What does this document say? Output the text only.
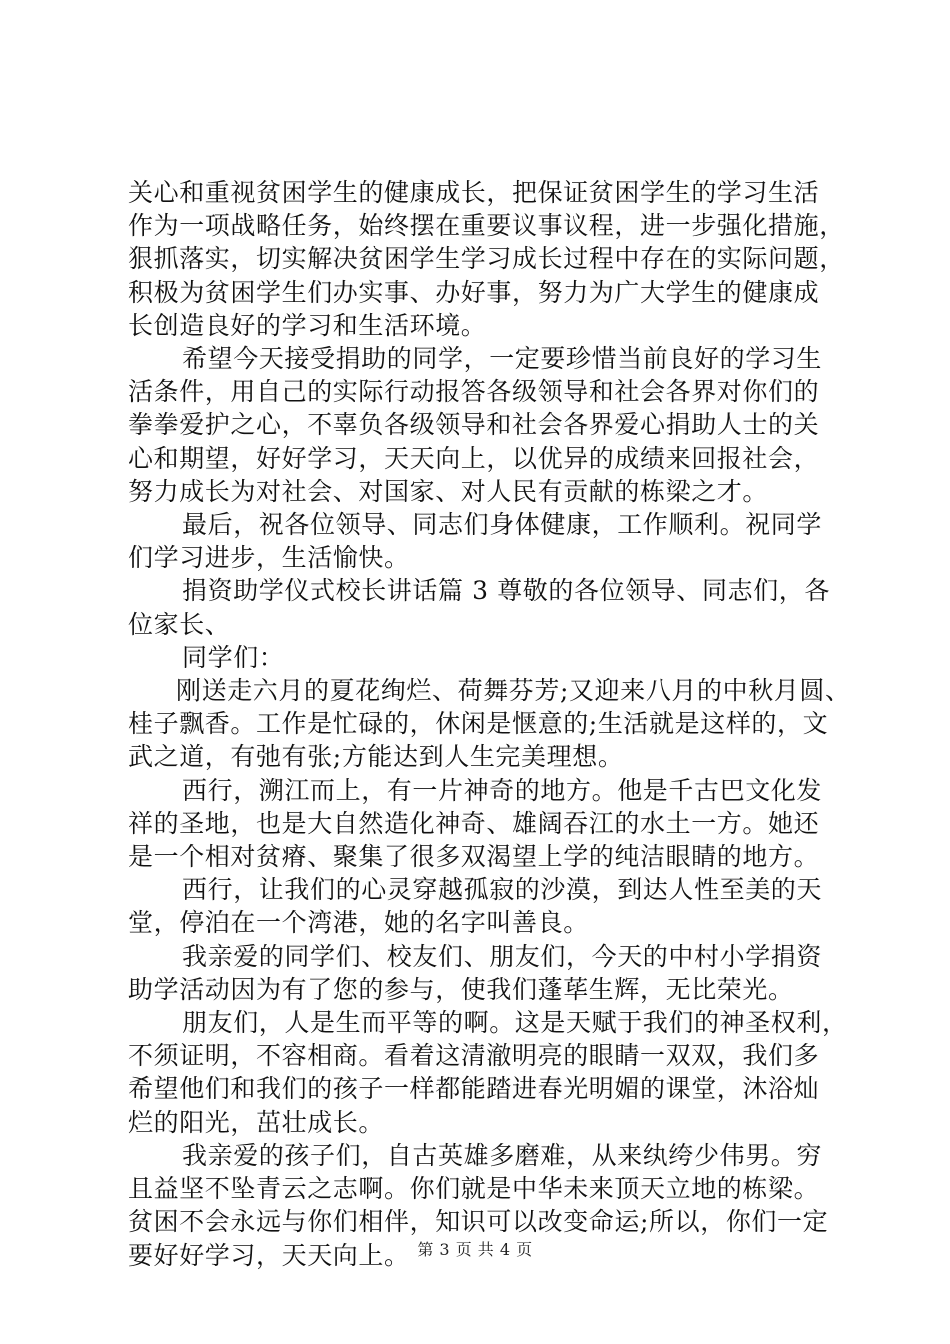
关心和重视贫困学生的健康成长，把保证贫困学生的学习生活
作为一项战略任务，始终摆在重要议事议程，进一步强化措施，
狠抓落实，切实解决贫困学生学习成长过程中存在的实际问题，
积极为贫困学生们办实事、办好事，努力为广大学生的健康成
长创造良好的学习和生活环境。
希望今天接受捐助的同学，一定要珍惜当前良好的学习生
活条件，用自己的实际行动报答各级领导和社会各界对你们的
拳拳爱护之心，不辜负各级领导和社会各界爱心捐助人士的关
心和期望，好好学习，天天向上，以优异的成绩来回报社会，
努力成长为对社会、对国家、对人民有贡献的栋梁之才。
最后，祝各位领导、同志们身体健康，工作顺利。祝同学
们学习进步，生活愉快。
捐资助学仪式校长讲话篇 3 尊敬的各位领导、同志们，各
位家长、
同学们：
刚送走六月的夏花绚烂、荷舞芬芳;又迎来八月的中秋月圆、
桂子飘香。工作是忙碌的，休闲是惬意的;生活就是这样的，文
武之道，有弛有张;方能达到人生完美理想。
西行，溯江而上，有一片神奇的地方。他是千古巴文化发
祥的圣地，也是大自然造化神奇、雄阔吞江的水土一方。她还
是一个相对贫瘠、聚集了很多双渴望上学的纯洁眼睛的地方。
西行，让我们的心灵穿越孤寂的沙漠，到达人性至美的天
堂，停泊在一个湾港，她的名字叫善良。
我亲爱的同学们、校友们、朋友们，今天的中村小学捐资
助学活动因为有了您的参与，使我们蓬荜生辉，无比荣光。
朋友们，人是生而平等的啊。这是天赋于我们的神圣权利，
不须证明，不容相商。看着这清澈明亮的眼睛一双双，我们多
希望他们和我们的孩子一样都能踏进春光明媚的课堂，沐浴灿
烂的阳光，茁壮成长。
我亲爱的孩子们，自古英雄多磨难，从来纨绔少伟男。穷
且益坚不坠青云之志啊。你们就是中华未来顶天立地的栋梁。
贫困不会永远与你们相伴，知识可以改变命运;所以，你们一定
要好好学习，天天向上。 第 3 页 共 4 页
